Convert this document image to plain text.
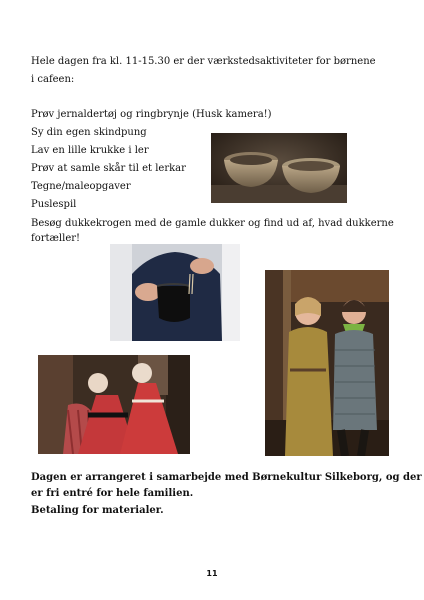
Hele dagen fra kl. 11-15.30 er der værkstedsaktiviteter for børnene
i cafeen:
Prøv jernaldertøj og ringbrynje (Husk kamera!)
Sy din egen skindpung
Lav en lille krukke i ler
Prøv at samle skår til et lerkar
Tegne/maleopgaver
Puslespil
Besøg dukkekrogen med de gamle dukker og find ud af, hvad dukkerne
fortæller!
Dagen er arrangeret i samarbejde med Børnekultur Silkeborg, og der
er fri entré for hele familien.
Betaling for materialer.
11
